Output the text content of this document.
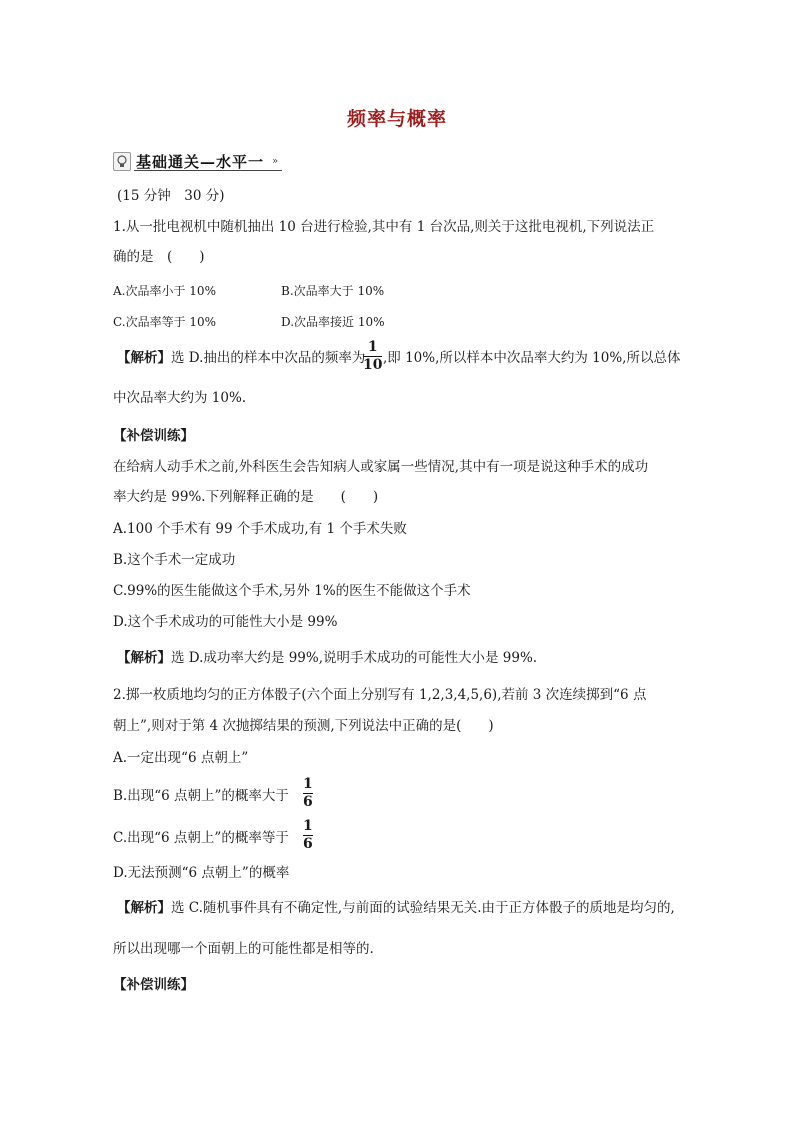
频率与概率
基础通关—水平一 »
(15 分钟　30 分)
1.从一批电视机中随机抽出 10 台进行检验,其中有 1 台次品,则关于这批电视机,下列说法正
确的是　(　　)
A.次品率小于 10%	B.次品率大于 10%
C.次品率等于 10%	D.次品率接近 10%
【解析】选 D.抽出的样本中次品的频率为
1
10 ,即 10%,所以样本中次品率大约为 10%,所以总体
中次品率大约为 10%.
【补偿训练】
在给病人动手术之前,外科医生会告知病人或家属一些情况,其中有一项是说这种手术的成功
率大约是 99%.下列解释正确的是　　(　　)
A.100 个手术有 99 个手术成功,有 1 个手术失败
B.这个手术一定成功
C.99%的医生能做这个手术,另外 1%的医生不能做这个手术
D.这个手术成功的可能性大小是 99%
【解析】选 D.成功率大约是 99%,说明手术成功的可能性大小是 99%.
2.掷一枚质地均匀的正方体骰子(六个面上分别写有 1,2,3,4,5,6),若前 3 次连续掷到“6 点
朝上”,则对于第 4 次抛掷结果的预测,下列说法中正确的是(　　)
A.一定出现“6 点朝上”
B.出现“6 点朝上”的概率大于
1
6
C.出现“6 点朝上”的概率等于
1
6
D.无法预测“6 点朝上”的概率
【解析】选 C.随机事件具有不确定性,与前面的试验结果无关.由于正方体骰子的质地是均匀的,
所以出现哪一个面朝上的可能性都是相等的.
【补偿训练】
